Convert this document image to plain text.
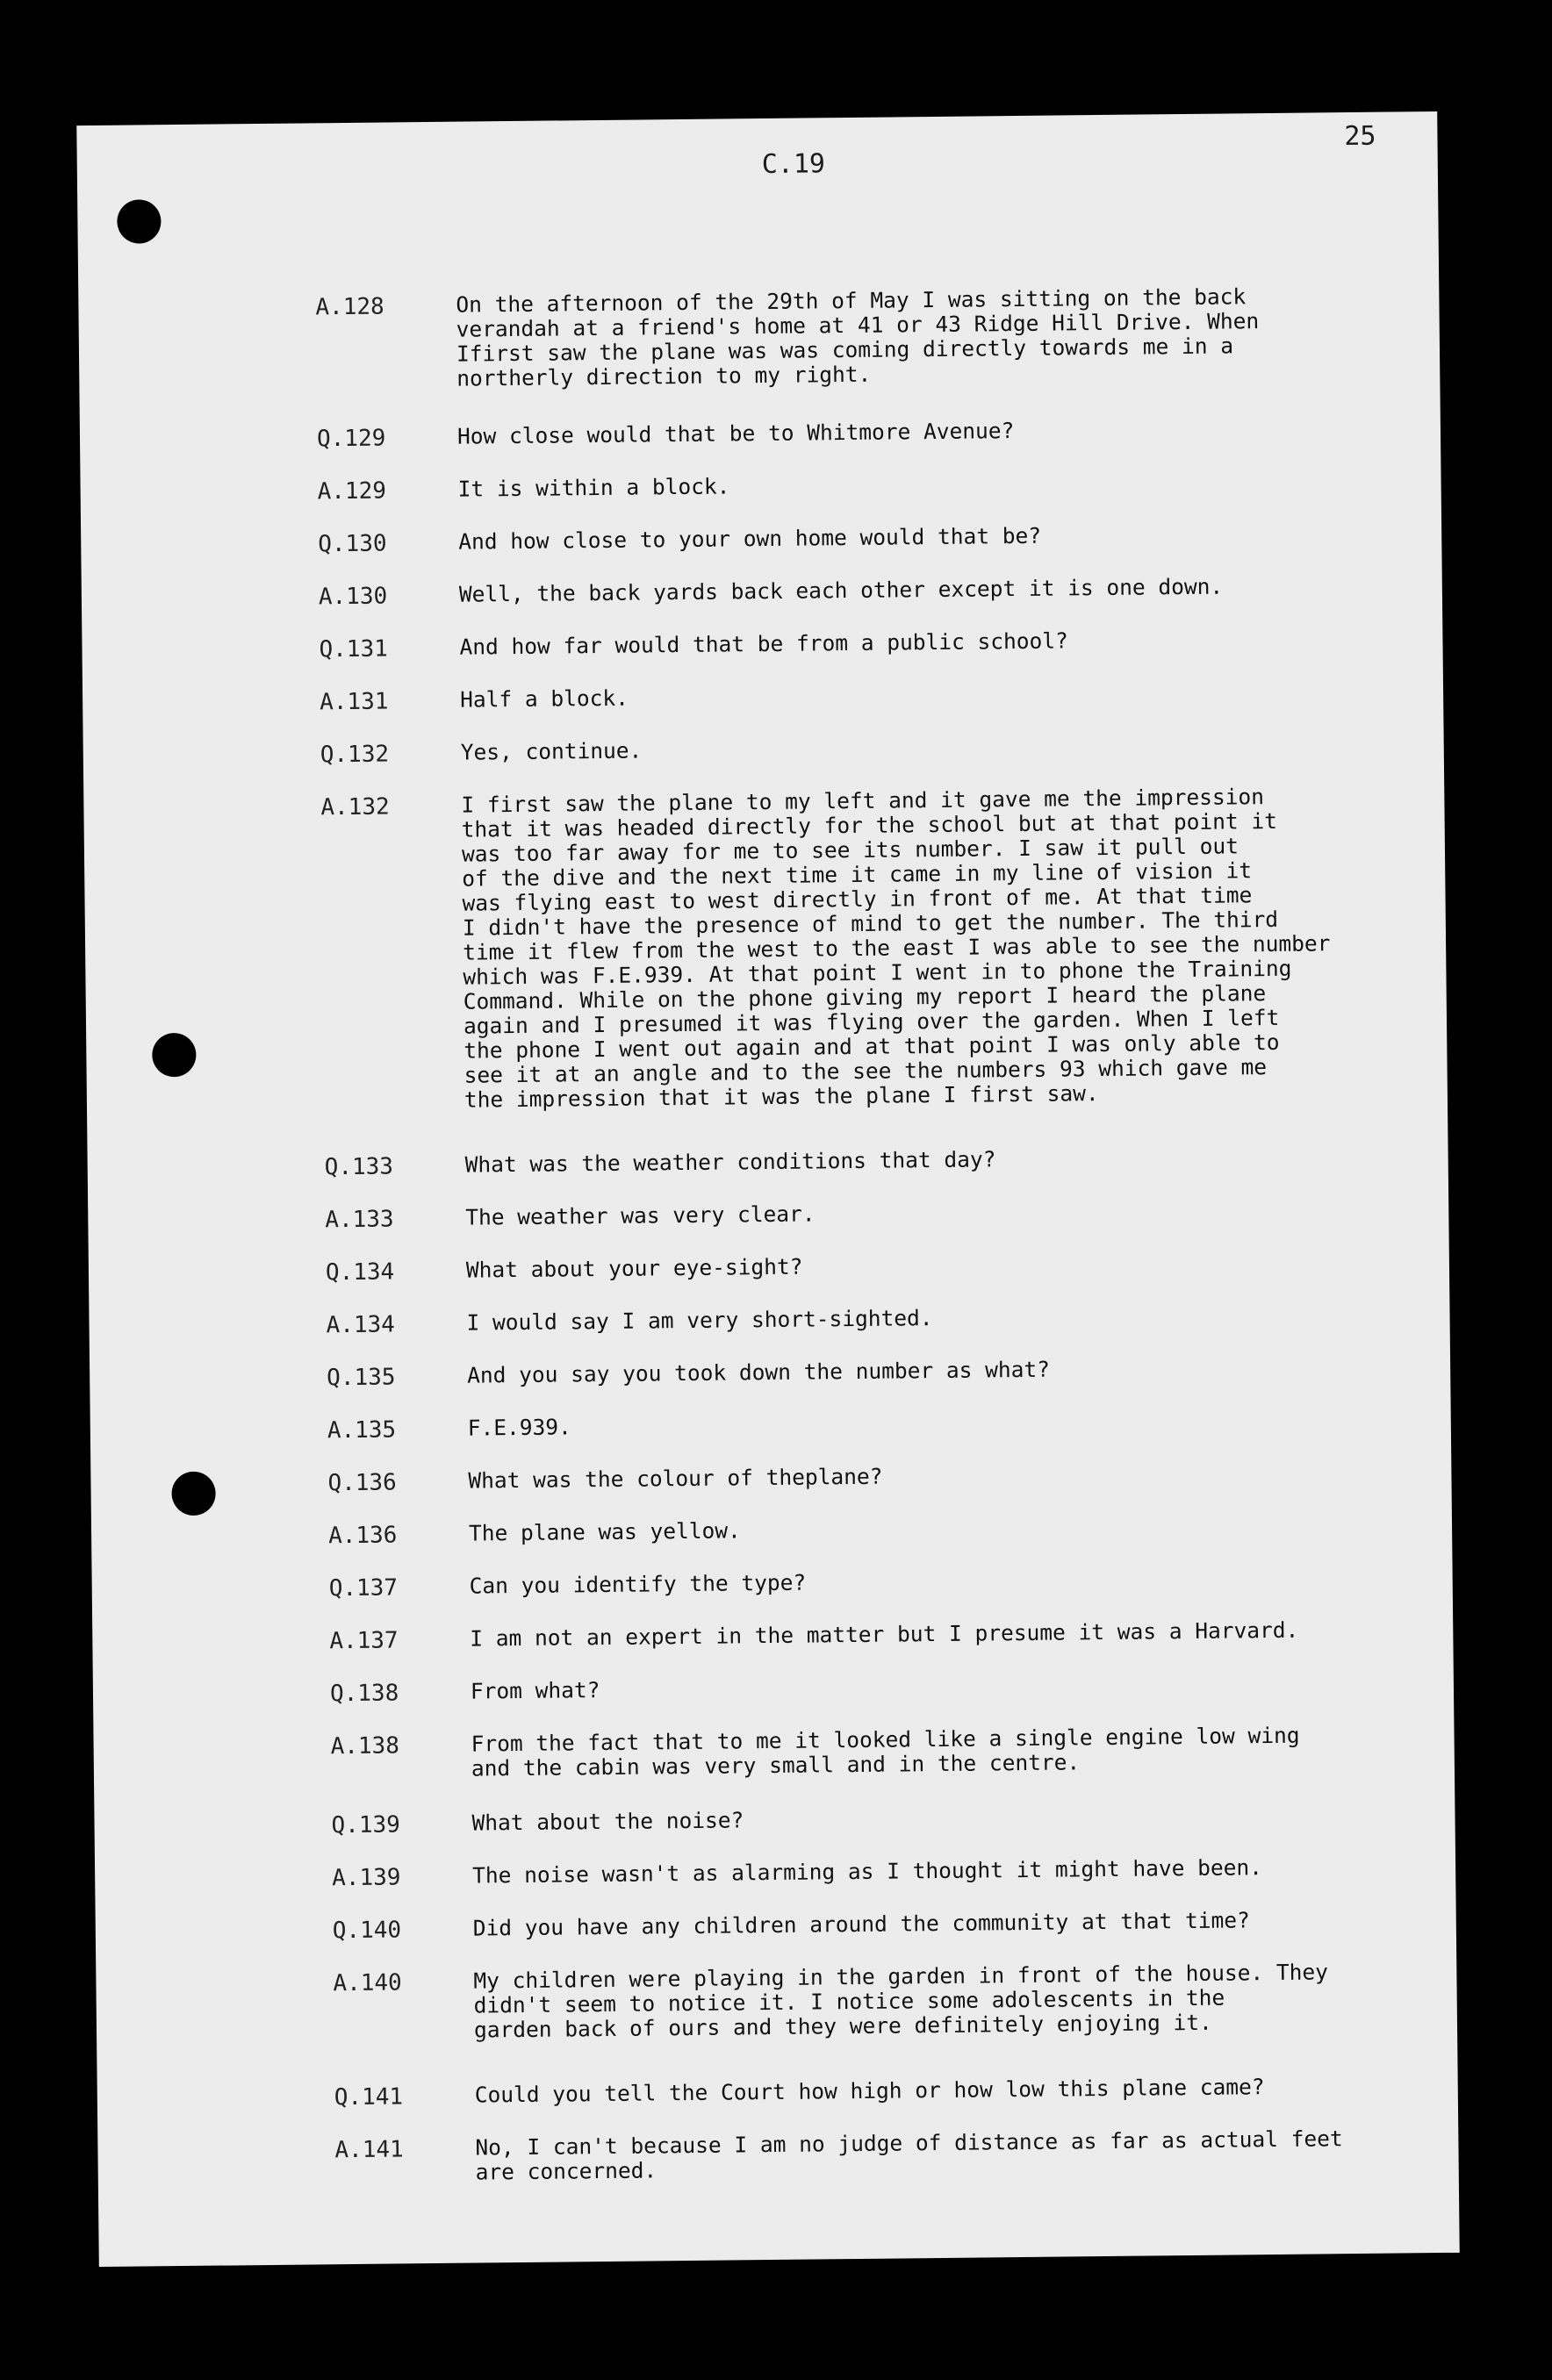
C.19
25
A.128	On the afternoon of the 29th of May I was sitting on the back
verandah at a friend's home at 41 or 43 Ridge Hill Drive. When
Ifirst saw the plane was was coming directly towards me in a
northerly direction to my right.
Q.129	How close would that be to Whitmore Avenue?
A.129	It is within a block.
Q.130	And how close to your own home would that be?
A.130	Well, the back yards back each other except it is one down.
Q.131	And how far would that be from a public school?
A.131	Half a block.
Q.132	Yes, continue.
A.132	I first saw the plane to my left and it gave me the impression
that it was headed directly for the school but at that point it
was too far away for me to see its number. I saw it pull out
of the dive and the next time it came in my line of vision it
was flying east to west directly in front of me. At that time
I didn't have the presence of mind to get the number. The third
time it flew from the west to the east I was able to see the number
which was F.E.939. At that point I went in to phone the Training
Command. While on the phone giving my report I heard the plane
again and I presumed it was flying over the garden. When I left
the phone I went out again and at that point I was only able to
see it at an angle and to the see the numbers 93 which gave me
the impression that it was the plane I first saw.
Q.133	What was the weather conditions that day?
A.133	The weather was very clear.
Q.134	What about your eye-sight?
A.134	I would say I am very short-sighted.
Q.135	And you say you took down the number as what?
A.135	F.E.939.
Q.136	What was the colour of theplane?
A.136	The plane was yellow.
Q.137	Can you identify the type?
A.137	I am not an expert in the matter but I presume it was a Harvard.
Q.138	From what?
A.138	From the fact that to me it looked like a single engine low wing
and the cabin was very small and in the centre.
Q.139	What about the noise?
A.139	The noise wasn't as alarming as I thought it might have been.
Q.140	Did you have any children around the community at that time?
A.140	My children were playing in the garden in front of the house. They
didn't seem to notice it. I notice some adolescents in the
garden back of ours and they were definitely enjoying it.
Q.141	Could you tell the Court how high or how low this plane came?
A.141	No, I can't because I am no judge of distance as far as actual feet
are concerned.
